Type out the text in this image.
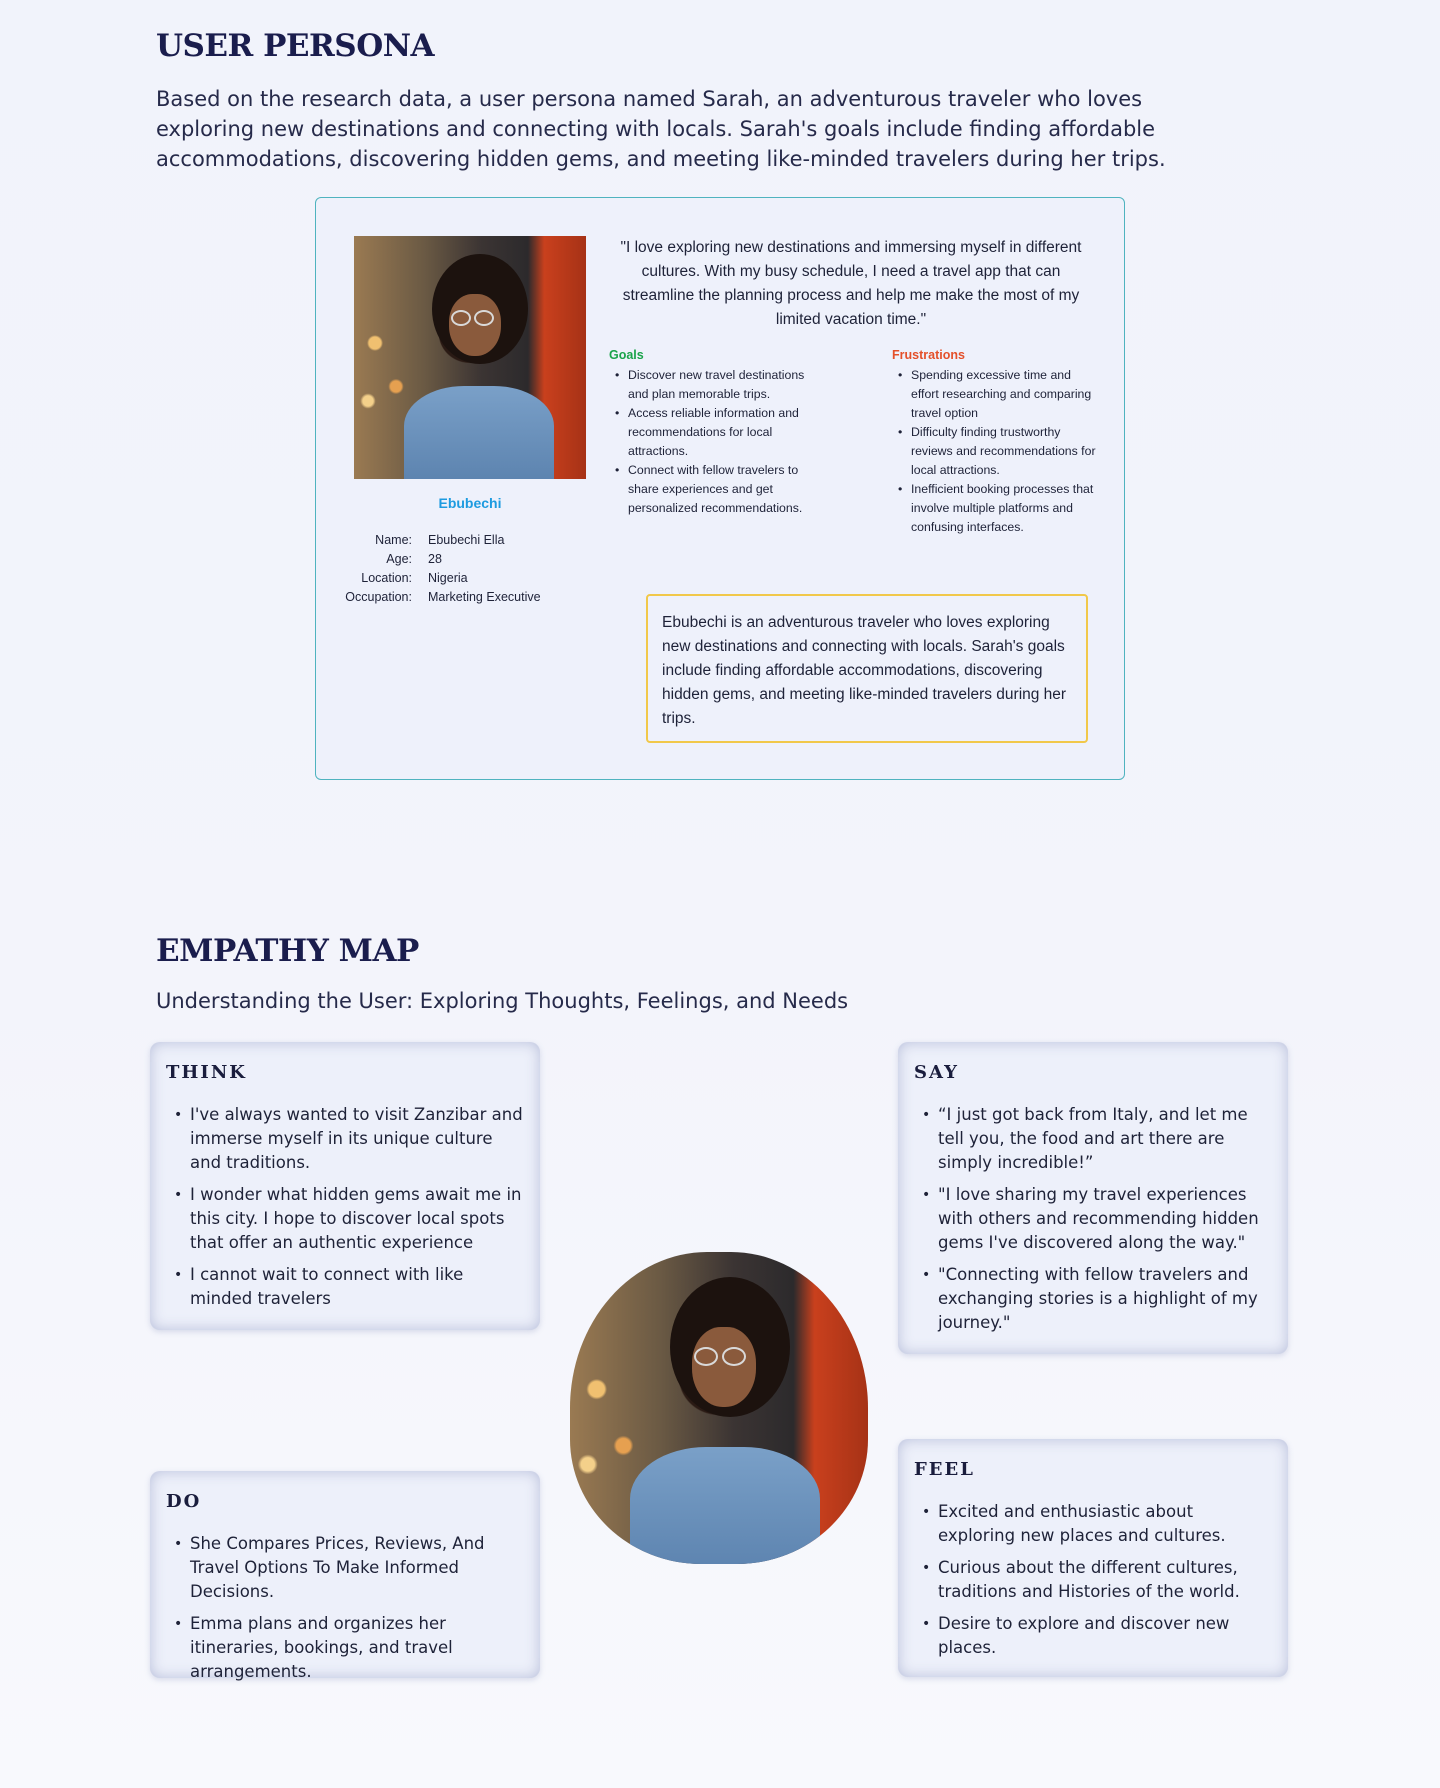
USER PERSONA

Based on the research data, a user persona named Sarah, an adventurous traveler who loves exploring new destinations and connecting with locals. Sarah's goals include finding affordable accommodations, discovering hidden gems, and meeting like-minded travelers during her trips.

Ebubechi
Name:	Ebubechi Ella
Age:	28
Location:	Nigeria
Occupation:	Marketing Executive

"I love exploring new destinations and immersing myself in different cultures. With my busy schedule, I need a travel app that can streamline the planning process and help me make the most of my limited vacation time."

Goals
• Discover new travel destinations and plan memorable trips.
• Access reliable information and recommendations for local attractions.
• Connect with fellow travelers to share experiences and get personalized recommendations.
Frustrations
• Spending excessive time and effort researching and comparing travel option
• Difficulty finding trustworthy reviews and recommendations for local attractions.
• Inefficient booking processes that involve multiple platforms and confusing interfaces.
Ebubechi is an adventurous traveler who loves exploring new destinations and connecting with locals. Sarah's goals include finding affordable accommodations, discovering hidden gems, and meeting like-minded travelers during her trips.
EMPATHY MAP

Understanding the User: Exploring Thoughts, Feelings, and Needs

THINK
• I've always wanted to visit Zanzibar and immerse myself in its unique culture and traditions.
• I wonder what hidden gems await me in this city. I hope to discover local spots that offer an authentic experience
• I cannot wait to connect with like minded travelers
SAY
• “I just got back from Italy, and let me tell you, the food and art there are simply incredible!”
• "I love sharing my travel experiences with others and recommending hidden gems I've discovered along the way."
• "Connecting with fellow travelers and exchanging stories is a highlight of my journey."
DO
• She Compares Prices, Reviews, And Travel Options To Make Informed Decisions.
• Emma plans and organizes her itineraries, bookings, and travel arrangements.
FEEL
• Excited and enthusiastic about exploring new places and cultures.
• Curious about the different cultures, traditions and Histories of the world.
• Desire to explore and discover new places.
